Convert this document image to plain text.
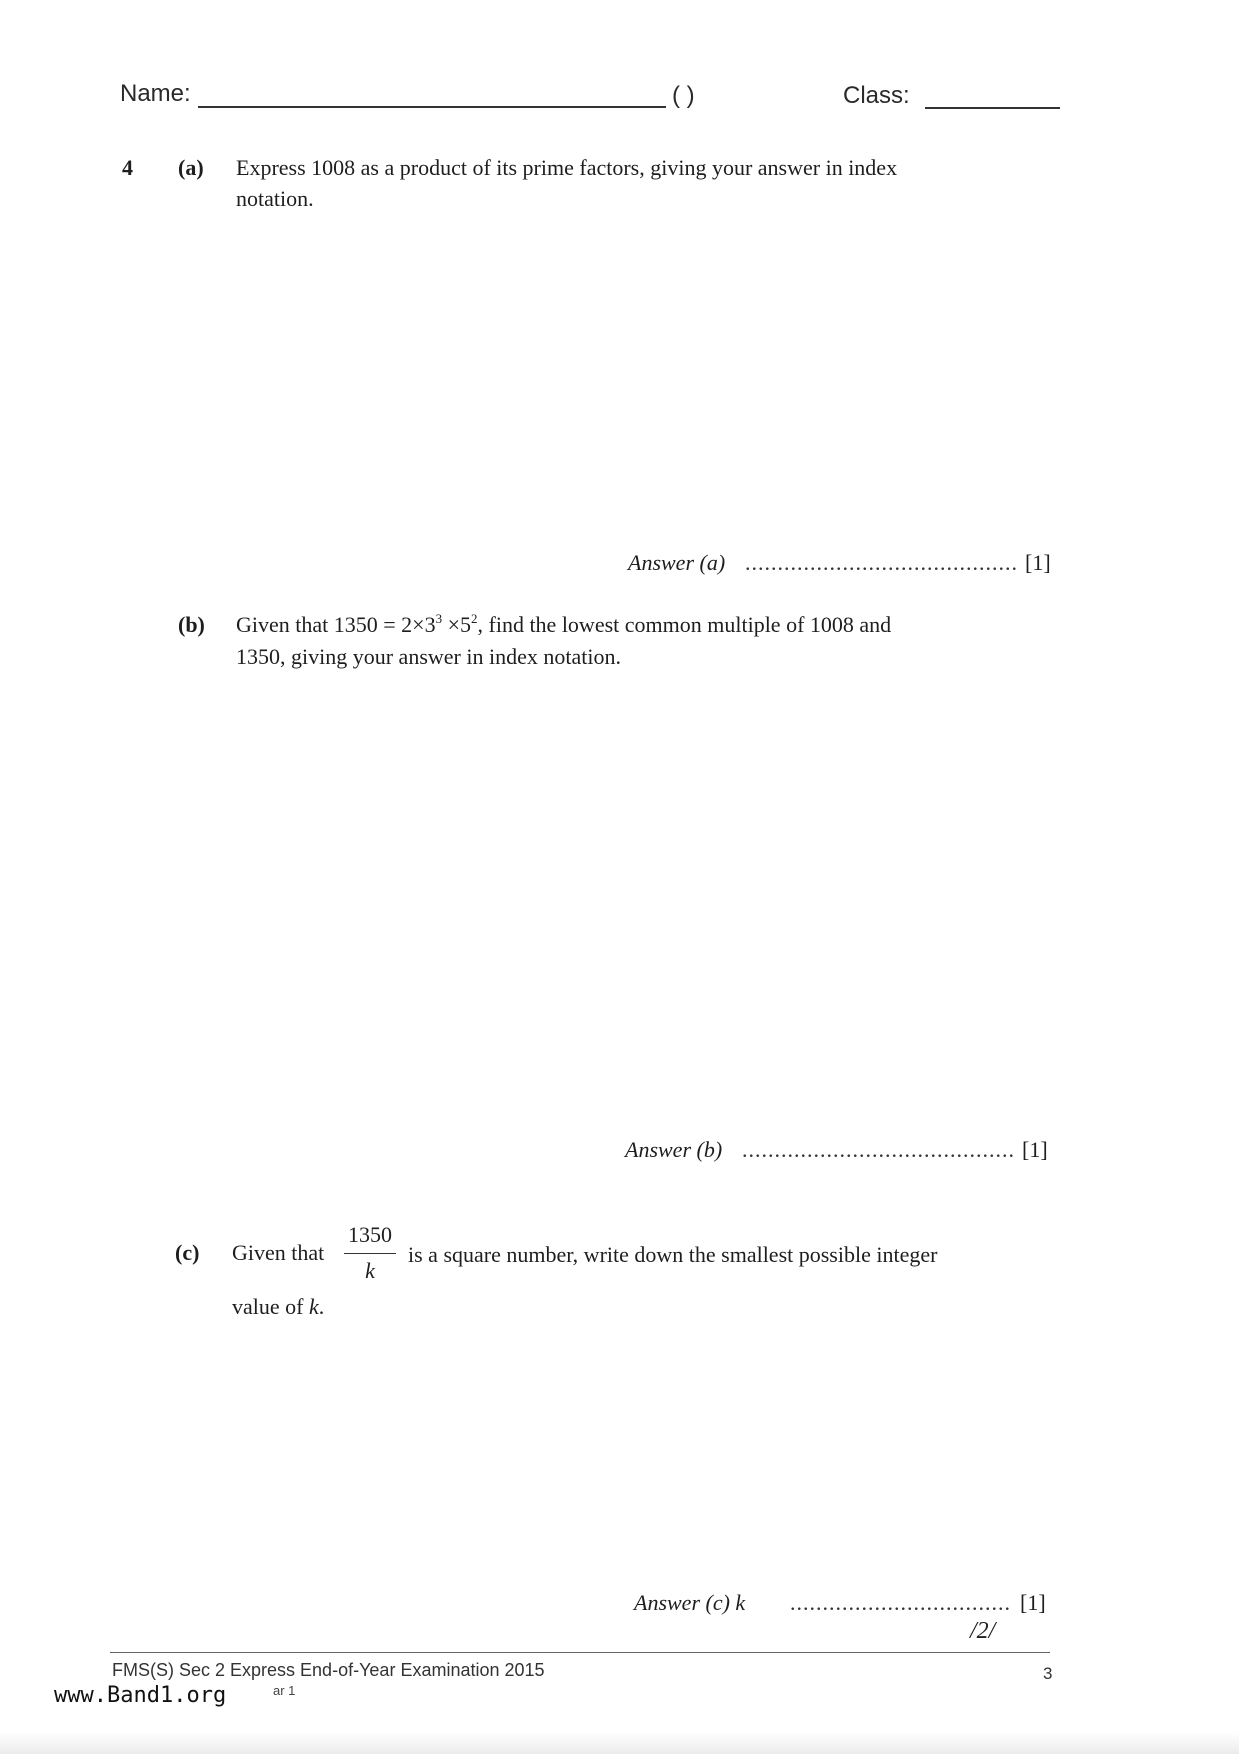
Name:	( )	Class:
4 (a) Express 1008 as a product of its prime factors, giving your answer in index
notation.
Answer (a) .......................................... [1]
(b) Given that $1350 = 2\times 3^3 \times 5^2$, find the lowest common multiple of 1008 and
1350, giving your answer in index notation.
Answer (b) .......................................... [1]
(c) Given that
1350
k
is a square number, write down the smallest possible integer
value of k.
Answer (c) k .................................. [1]
/2/
FMS(S) Sec 2 Express End-of-Year Examination 2015	3
www.Band1.org	ar 1
